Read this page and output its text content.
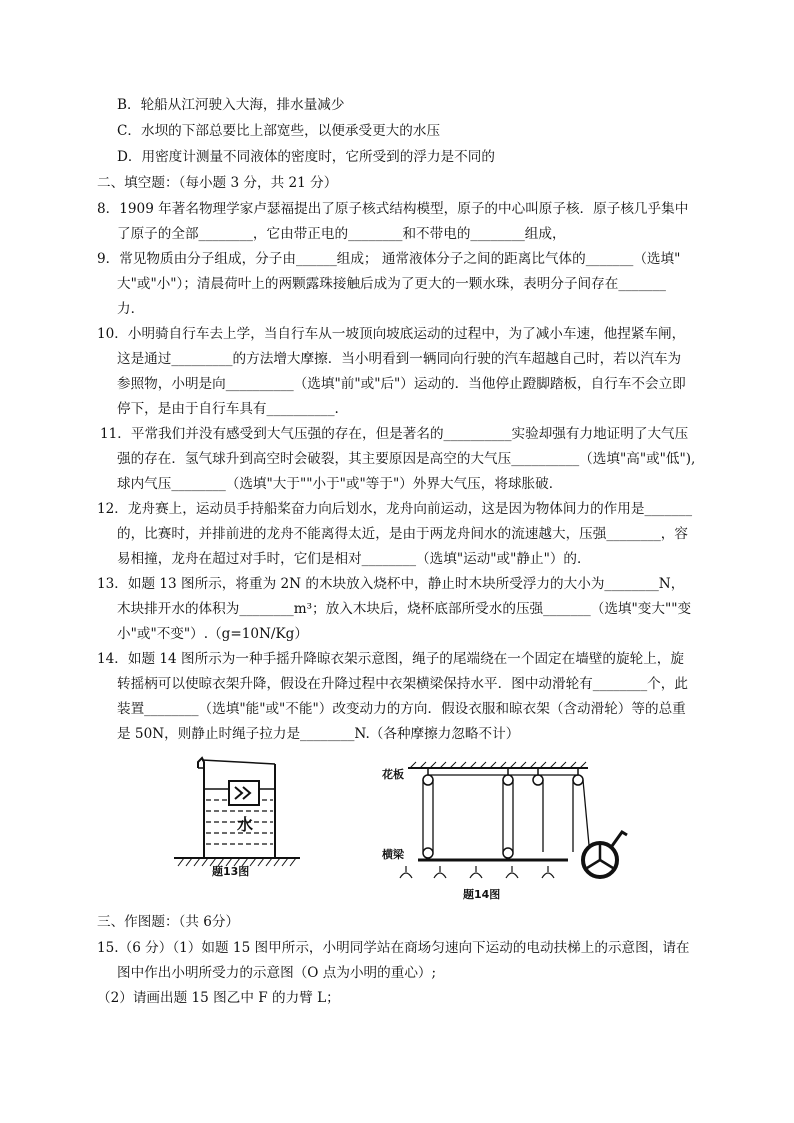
B．轮船从江河驶入大海，排水量减少
C．水坝的下部总要比上部宽些，以便承受更大的水压
D．用密度计测量不同液体的密度时，它所受到的浮力是不同的
二、填空题：（每小题 3 分，共 21 分）
8．1909 年著名物理学家卢瑟福提出了原子核式结构模型，原子的中心叫原子核．原子核几乎集中
了原子的全部________，它由带正电的________和不带电的________组成，
9．常见物质由分子组成，分子由______组成； 通常液体分子之间的距离比气体的_______（选填"
大"或"小"）；清晨荷叶上的两颗露珠接触后成为了更大的一颗水珠，表明分子间存在_______
力．
10．小明骑自行车去上学，当自行车从一坡顶向坡底运动的过程中，为了减小车速，他捏紧车闸，
这是通过_________的方法增大摩擦．当小明看到一辆同向行驶的汽车超越自己时，若以汽车为
参照物，小明是向__________（选填"前"或"后"）运动的．当他停止蹬脚踏板，自行车不会立即
停下，是由于自行车具有__________.
11．平常我们并没有感受到大气压强的存在，但是著名的__________实验却强有力地证明了大气压
强的存在．氢气球升到高空时会破裂，其主要原因是高空的大气压__________（选填"高"或"低"),
球内气压________（选填"大于""小于"或"等于"）外界大气压，将球胀破．
12．龙舟赛上，运动员手持船桨奋力向后划水，龙舟向前运动，这是因为物体间力的作用是_______
的，比赛时，并排前进的龙舟不能离得太近，是由于两龙舟间水的流速越大，压强________，容
易相撞，龙舟在超过对手时，它们是相对________（选填"运动"或"静止"）的．
13．如题 13 图所示，将重为 2N 的木块放入烧杯中，静止时木块所受浮力的大小为________N，
木块排开水的体积为________m³；放入木块后，烧杯底部所受水的压强_______（选填"变大""变
小"或"不变"）.（g=10N/Kg）
14．如题 14 图所示为一种手摇升降晾衣架示意图，绳子的尾端绕在一个固定在墙壁的旋轮上，旋
转摇柄可以使晾衣架升降，假设在升降过程中衣架横梁保持水平．图中动滑轮有________个，此
装置________（选填"能"或"不能"）改变动力的方向．假设衣服和晾衣架（含动滑轮）等的总重
是 50N，则静止时绳子拉力是________N.（各种摩擦力忽略不计）
水
题13图
花板
横梁
题14图
三、作图题：（共 6分）
15.（6 分）（1）如题 15 图甲所示，小明同学站在商场匀速向下运动的电动扶梯上的示意图，请在
图中作出小明所受力的示意图（O 点为小明的重心）;
（2）请画出题 15 图乙中 F 的力臂 L；
